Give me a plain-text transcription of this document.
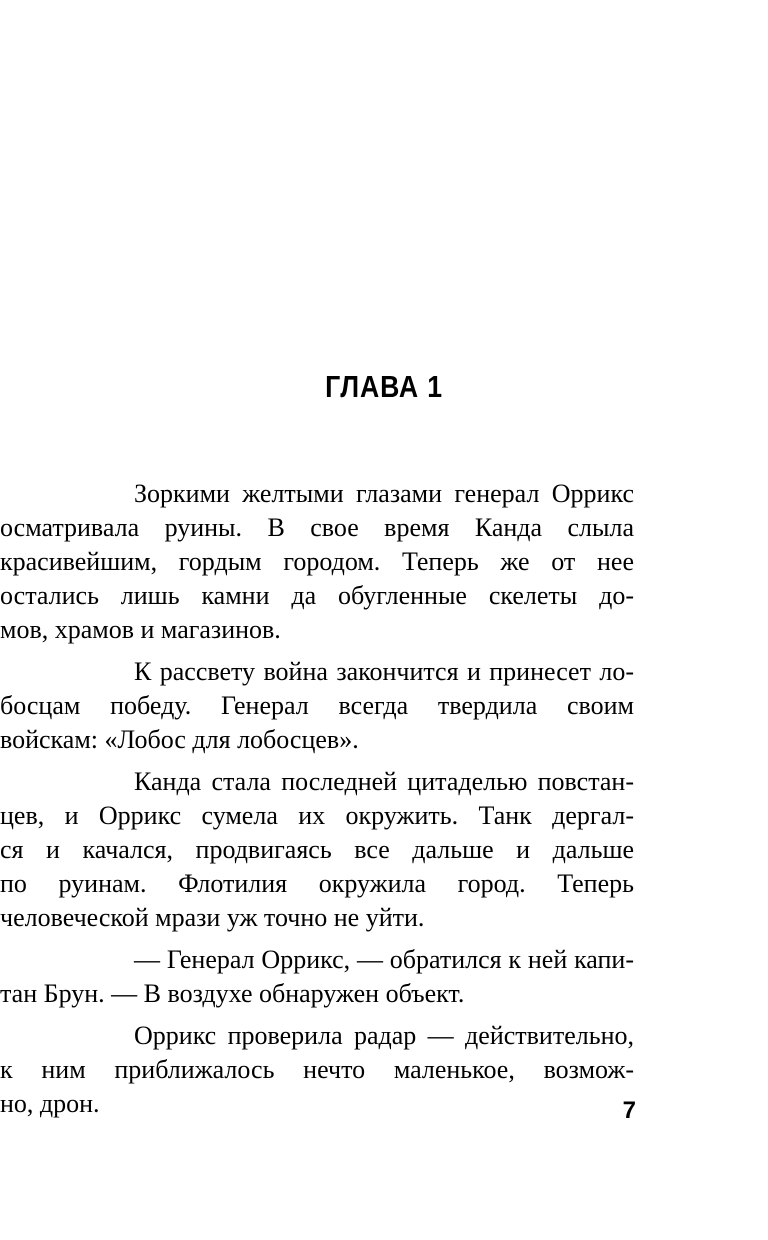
ГЛАВА 1
Зоркими желтыми глазами генерал Оррикс
осматривала руины. В свое время Канда слыла
красивейшим, гордым городом. Теперь же от нее
остались лишь камни да обугленные скелеты до-
мов, храмов и магазинов.
К рассвету война закончится и принесет ло-
босцам победу. Генерал всегда твердила своим
войскам: «Лобос для лобосцев».
Канда стала последней цитаделью повстан-
цев, и Оррикс сумела их окружить. Танк дергал-
ся и качался, продвигаясь все дальше и дальше
по руинам. Флотилия окружила город. Теперь
человеческой мрази уж точно не уйти.
— Генерал Оррикс, — обратился к ней капи-
тан Брун. — В воздухе обнаружен объект.
Оррикс проверила радар — действительно,
к ним приближалось нечто маленькое, возмож-
но, дрон.	7
